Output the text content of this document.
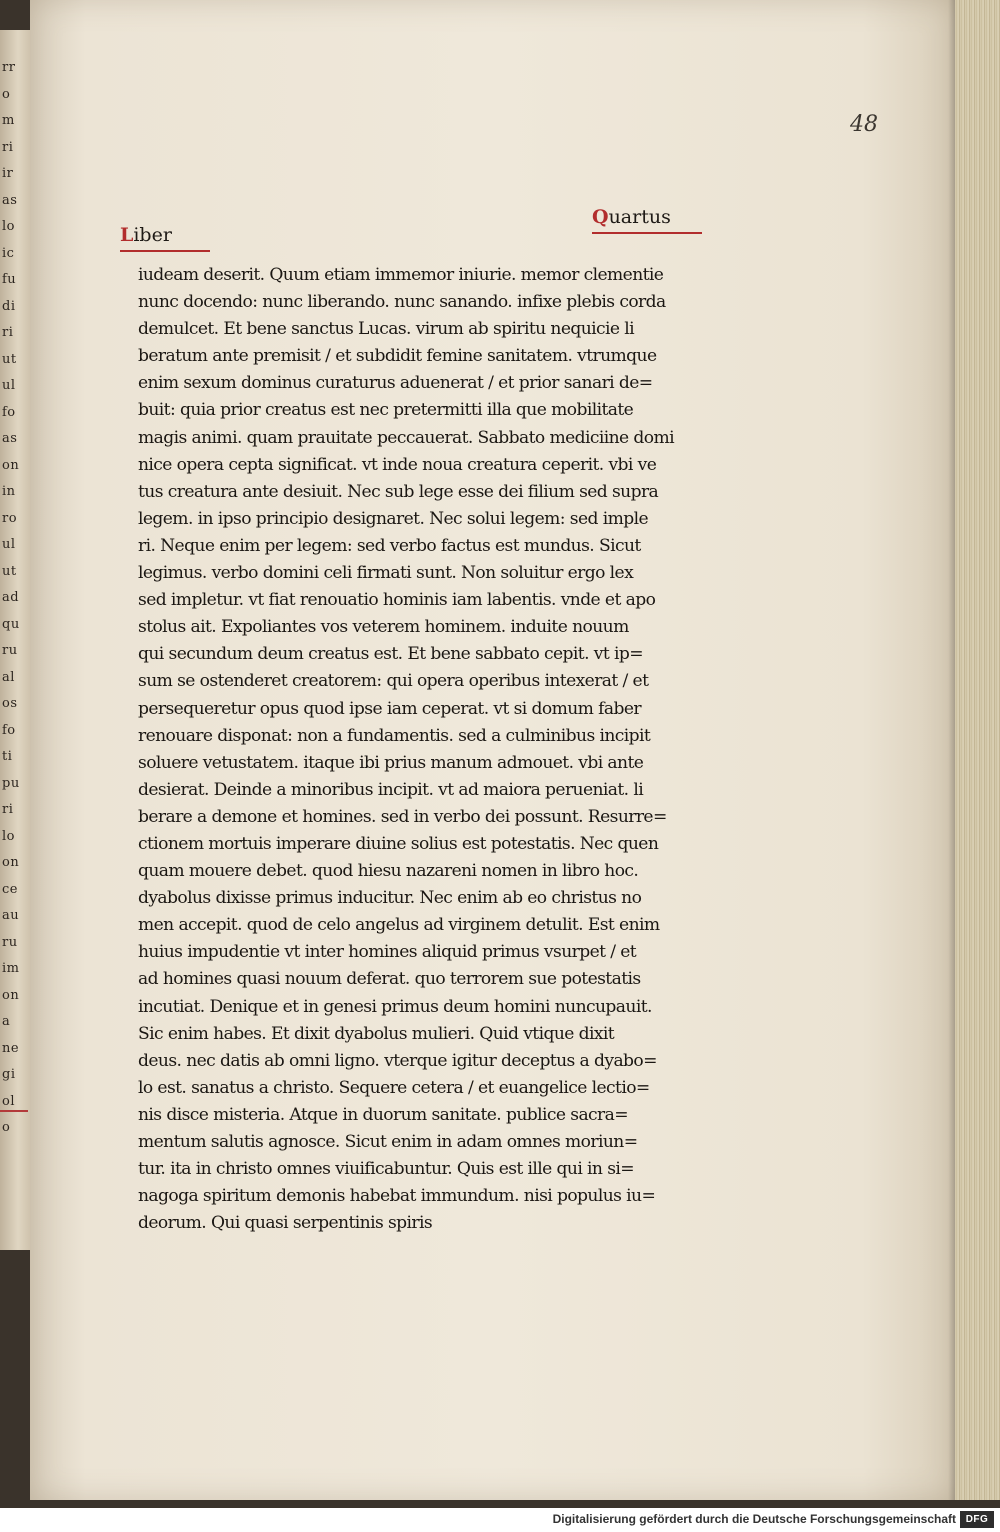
rr
o
m
ri
ir
as
lo
ic
fu
di
ri
ut
ul
fo
as
on
in
ro
ul
ut
ad
qu
ru
al
os
fo
ti
pu
ri
lo
on
ce
au
ru
im
on
a
ne
gi
ol
o
48
Liber
Quartus
iudeam deserit. Quum etiam immemor iniurie. memor clementie
nunc docendo: nunc liberando. nunc sanando. infixe plebis corda
demulcet. Et bene sanctus Lucas. virum ab spiritu nequicie li
beratum ante premisit / et subdidit femine sanitatem. vtrumque
enim sexum dominus curaturus aduenerat / et prior sanari de=
buit: quia prior creatus est nec pretermitti illa que mobilitate
magis animi. quam prauitate peccauerat. Sabbato mediciine domi
nice opera cepta significat. vt inde noua creatura ceperit. vbi ve
tus creatura ante desiuit. Nec sub lege esse dei filium sed supra
legem. in ipso principio designaret. Nec solui legem: sed imple
ri. Neque enim per legem: sed verbo factus est mundus. Sicut
legimus. verbo domini celi firmati sunt. Non soluitur ergo lex
sed impletur. vt fiat renouatio hominis iam labentis. vnde et apo
stolus ait. Expoliantes vos veterem hominem. induite nouum
qui secundum deum creatus est. Et bene sabbato cepit. vt ip=
sum se ostenderet creatorem: qui opera operibus intexerat / et
persequeretur opus quod ipse iam ceperat. vt si domum faber
renouare disponat: non a fundamentis. sed a culminibus incipit
soluere vetustatem. itaque ibi prius manum admouet. vbi ante
desierat. Deinde a minoribus incipit. vt ad maiora perueniat. li
berare a demone et homines. sed in verbo dei possunt. Resurre=
ctionem mortuis imperare diuine solius est potestatis. Nec quen
quam mouere debet. quod hiesu nazareni nomen in libro hoc.
dyabolus dixisse primus inducitur. Nec enim ab eo christus no
men accepit. quod de celo angelus ad virginem detulit. Est enim
huius impudentie vt inter homines aliquid primus vsurpet / et
ad homines quasi nouum deferat. quo terrorem sue potestatis
incutiat. Denique et in genesi primus deum homini nuncupauit.
Sic enim habes. Et dixit dyabolus mulieri. Quid vtique dixit
deus. nec datis ab omni ligno. vterque igitur deceptus a dyabo=
lo est. sanatus a christo. Sequere cetera / et euangelice lectio=
nis disce misteria. Atque in duorum sanitate. publice sacra=
mentum salutis agnosce. Sicut enim in adam omnes moriun=
tur. ita in christo omnes viuificabuntur. Quis est ille qui in si=
nagoga spiritum demonis habebat immundum. nisi populus iu=
deorum. Qui quasi serpentinis spiris
Digitalisierung gefördert durch die Deutsche Forschungsgemeinschaft DFG
